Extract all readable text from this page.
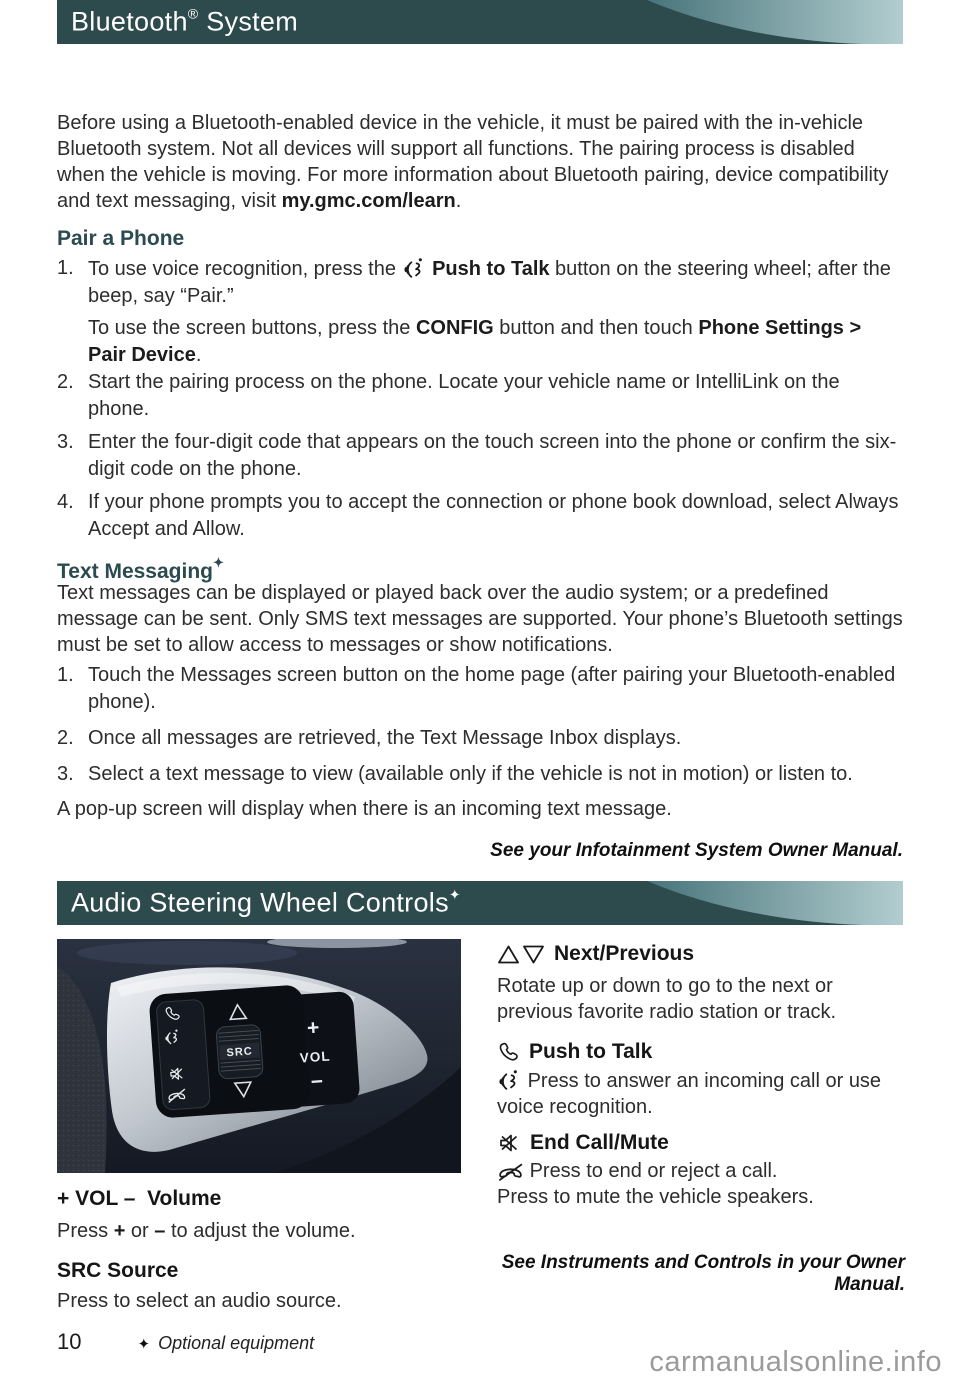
Bluetooth® System

Before using a Bluetooth-enabled device in the vehicle, it must be paired with the in-vehicle Bluetooth system. Not all devices will support all functions. The pairing process is disabled when the vehicle is moving. For more information about Bluetooth pairing, device compatibility and text messaging, visit my.gmc.com/learn.

Pair a Phone
1. To use voice recognition, press the  Push to Talk button on the steering wheel; after the beep, say “Pair.”
To use the screen buttons, press the CONFIG button and then touch Phone Settings > Pair Device.
2. Start the pairing process on the phone. Locate your vehicle name or IntelliLink on the phone.
3. Enter the four-digit code that appears on the touch screen into the phone or confirm the six-digit code on the phone.
4. If your phone prompts you to accept the connection or phone book download, select Always Accept and Allow.
Text Messaging✦

Text messages can be displayed or played back over the audio system; or a predefined message can be sent. Only SMS text messages are supported. Your phone’s Bluetooth settings must be set to allow access to messages or show notifications.

1. Touch the Messages screen button on the home page (after pairing your Bluetooth-enabled phone).
2. Once all messages are retrieved, the Text Message Inbox displays.
3. Select a text message to view (available only if the vehicle is not in motion) or listen to.

A pop-up screen will display when there is an incoming text message.

See your Infotainment System Owner Manual.
Audio Steering Wheel Controls✦
SRC
+
VOL
−
Next/Previous
Rotate up or down to go to the next or previous favorite radio station or track.
Push to Talk
Press to answer an incoming call or use voice recognition.
End Call/Mute
Press to end or reject a call.
Press to mute the vehicle speakers.
+ VOL –  Volume
Press + or – to adjust the volume.
SRC Source
Press to select an audio source.
See Instruments and Controls in your Owner Manual.
10	✦ Optional equipment
carmanualsonline.info
